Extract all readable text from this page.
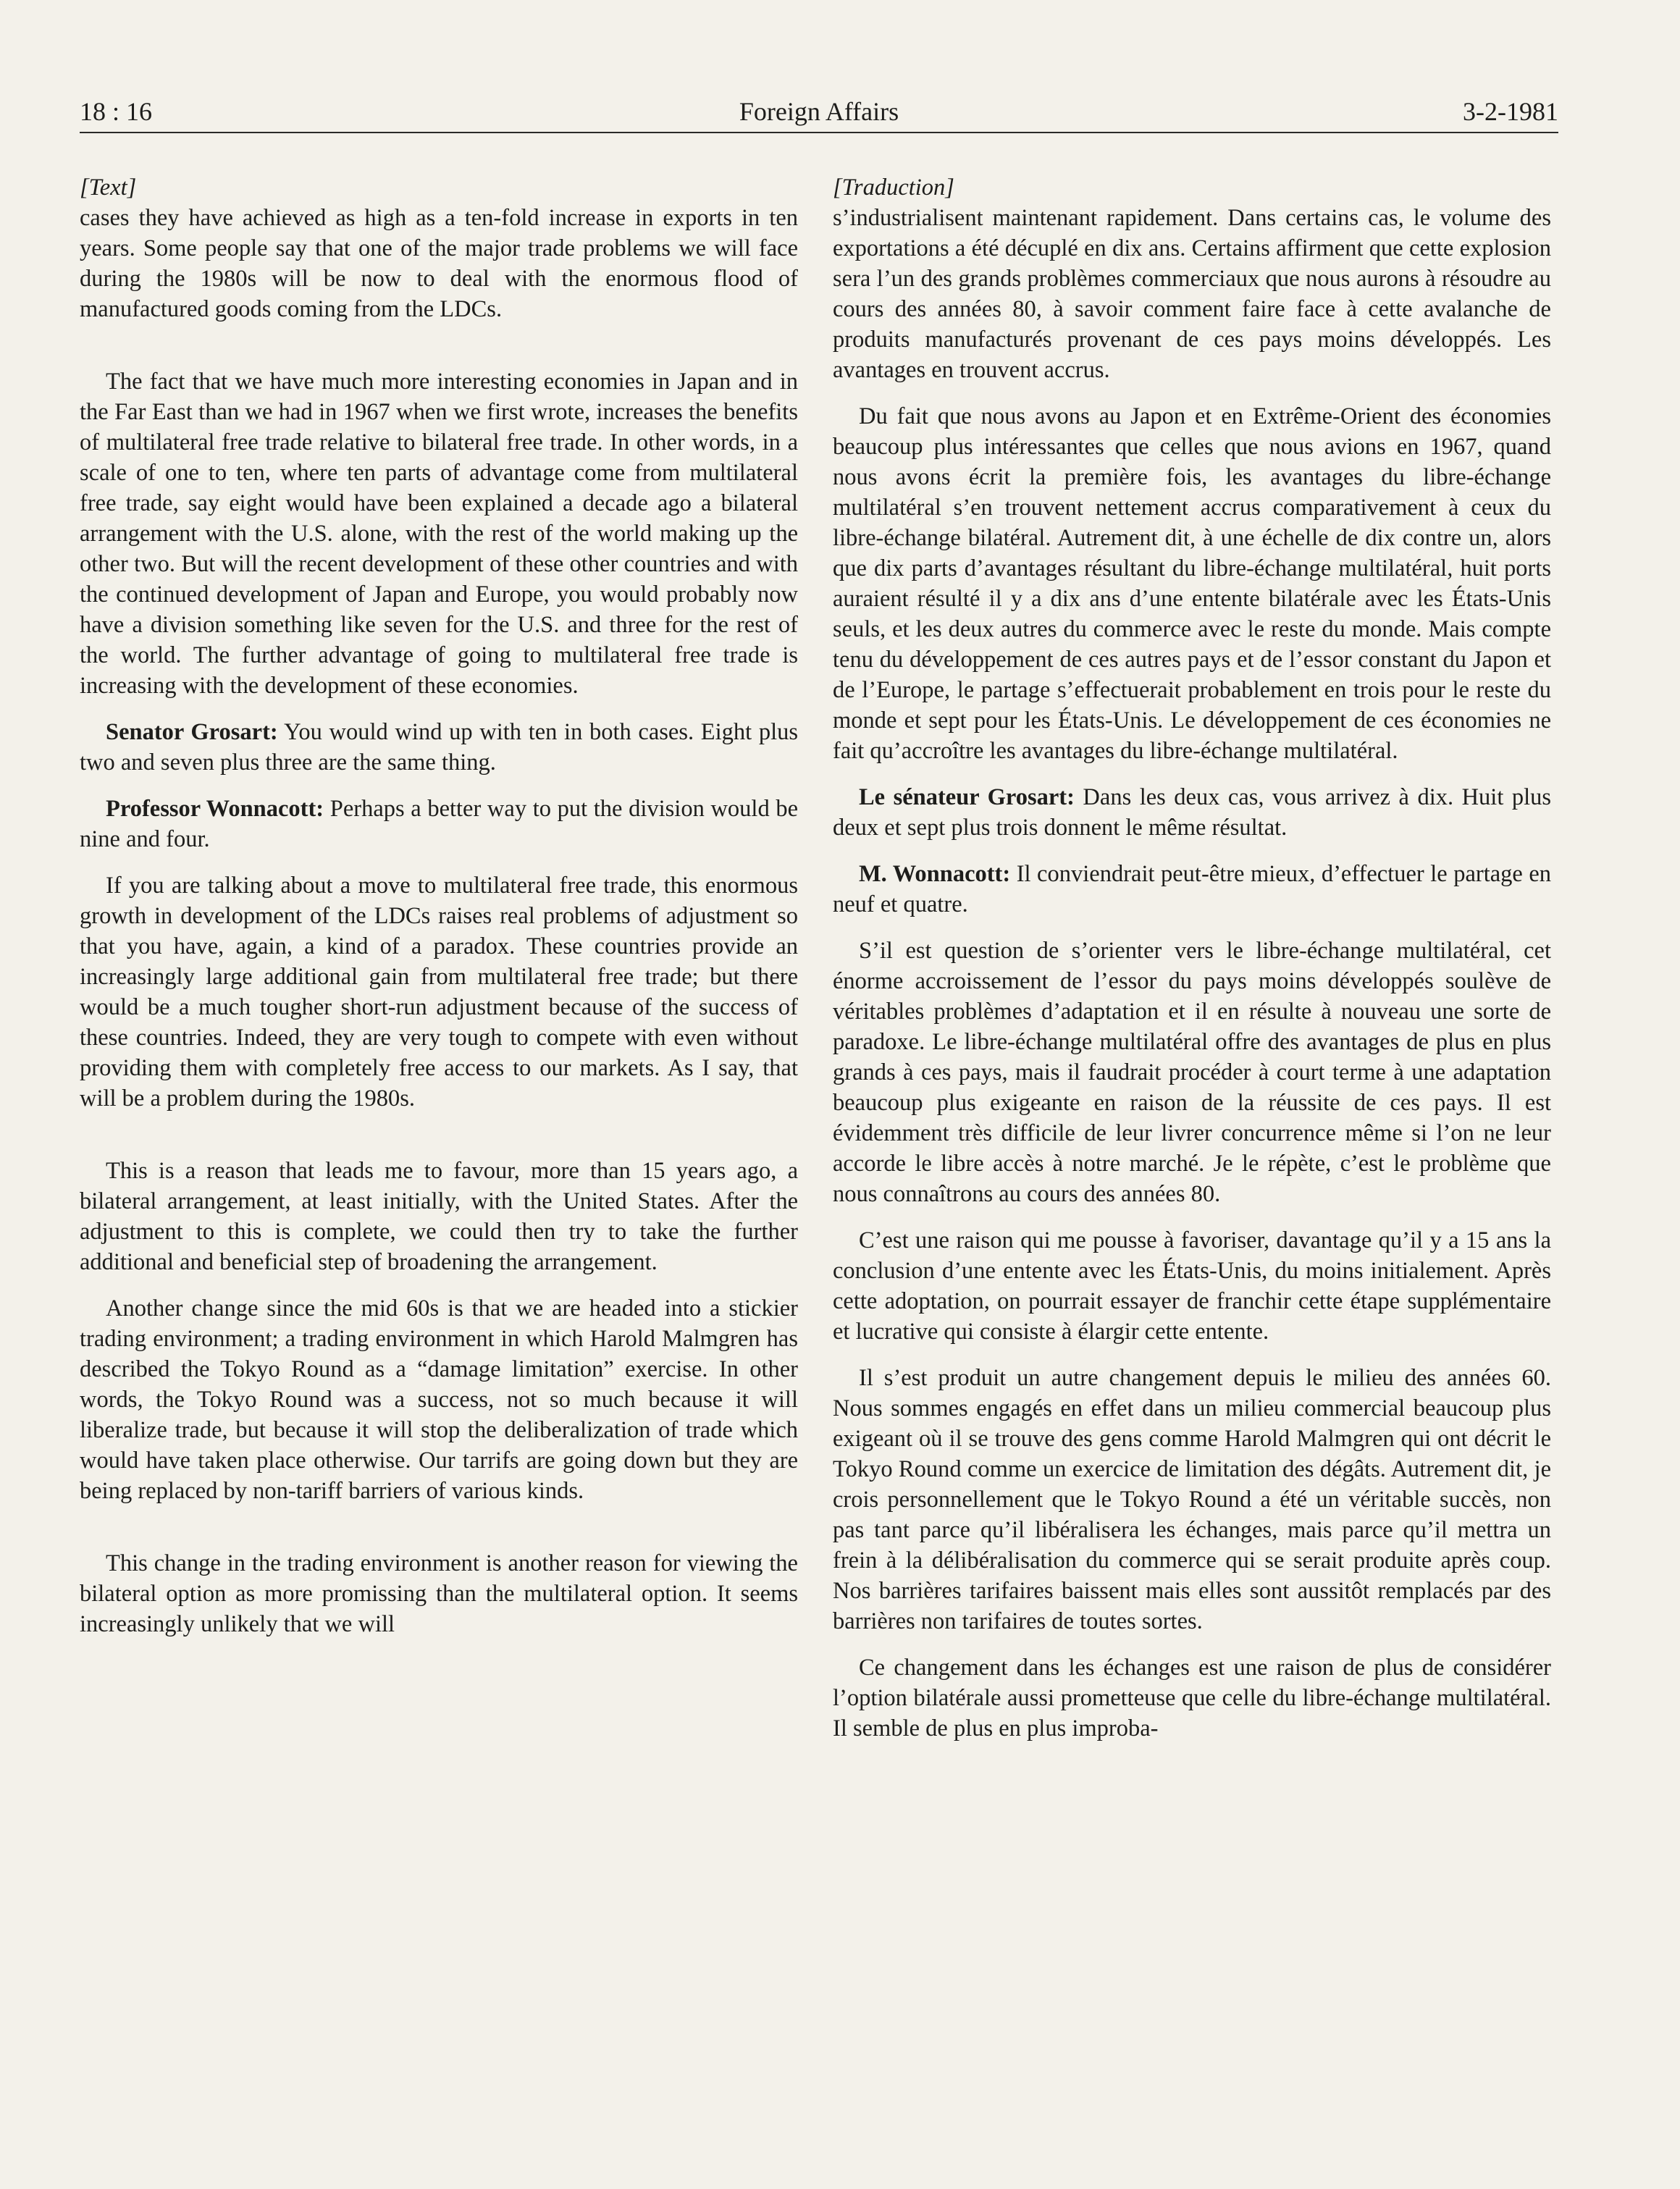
Foreign Affairs
18 : 16	3-2-1981
[Text]

cases they have achieved as high as a ten-fold increase in exports in ten years. Some people say that one of the major trade problems we will face during the 1980s will be now to deal with the enormous flood of manufactured goods coming from the LDCs.

The fact that we have much more interesting economies in Japan and in the Far East than we had in 1967 when we first wrote, increases the benefits of multilateral free trade relative to bilateral free trade. In other words, in a scale of one to ten, where ten parts of advantage come from multilateral free trade, say eight would have been explained a decade ago a bilateral arrangement with the U.S. alone, with the rest of the world making up the other two. But will the recent development of these other countries and with the continued development of Japan and Europe, you would probably now have a division something like seven for the U.S. and three for the rest of the world. The further advantage of going to multilateral free trade is increasing with the development of these economies.

Senator Grosart: You would wind up with ten in both cases. Eight plus two and seven plus three are the same thing.

Professor Wonnacott: Perhaps a better way to put the division would be nine and four.

If you are talking about a move to multilateral free trade, this enormous growth in development of the LDCs raises real problems of adjustment so that you have, again, a kind of a paradox. These countries provide an increasingly large additional gain from multilateral free trade; but there would be a much tougher short-run adjustment because of the success of these countries. Indeed, they are very tough to compete with even without providing them with completely free access to our markets. As I say, that will be a problem during the 1980s.

This is a reason that leads me to favour, more than 15 years ago, a bilateral arrangement, at least initially, with the United States. After the adjustment to this is complete, we could then try to take the further additional and beneficial step of broadening the arrangement.

Another change since the mid 60s is that we are headed into a stickier trading environment; a trading environment in which Harold Malmgren has described the Tokyo Round as a “damage limitation” exercise. In other words, the Tokyo Round was a success, not so much because it will liberalize trade, but because it will stop the deliberalization of trade which would have taken place otherwise. Our tarrifs are going down but they are being replaced by non-tariff barriers of various kinds.

This change in the trading environment is another reason for viewing the bilateral option as more promissing than the multilateral option. It seems increasingly unlikely that we will

[Traduction]

s’industrialisent maintenant rapidement. Dans certains cas, le volume des exportations a été décuplé en dix ans. Certains affirment que cette explosion sera l’un des grands problèmes commerciaux que nous aurons à résoudre au cours des années 80, à savoir comment faire face à cette avalanche de produits manufacturés provenant de ces pays moins développés. Les avantages en trouvent accrus.

Du fait que nous avons au Japon et en Extrême-Orient des économies beaucoup plus intéressantes que celles que nous avions en 1967, quand nous avons écrit la première fois, les avantages du libre-échange multilatéral s’en trouvent nettement accrus comparativement à ceux du libre-échange bilatéral. Autrement dit, à une échelle de dix contre un, alors que dix parts d’avantages résultant du libre-échange multilatéral, huit ports auraient résulté il y a dix ans d’une entente bilatérale avec les États-Unis seuls, et les deux autres du commerce avec le reste du monde. Mais compte tenu du développement de ces autres pays et de l’essor constant du Japon et de l’Europe, le partage s’effectuerait probablement en trois pour le reste du monde et sept pour les États-Unis. Le développement de ces économies ne fait qu’accroître les avantages du libre-échange multilatéral.

Le sénateur Grosart: Dans les deux cas, vous arrivez à dix. Huit plus deux et sept plus trois donnent le même résultat.

M. Wonnacott: Il conviendrait peut-être mieux, d’effectuer le partage en neuf et quatre.

S’il est question de s’orienter vers le libre-échange multilatéral, cet énorme accroissement de l’essor du pays moins développés soulève de véritables problèmes d’adaptation et il en résulte à nouveau une sorte de paradoxe. Le libre-échange multilatéral offre des avantages de plus en plus grands à ces pays, mais il faudrait procéder à court terme à une adaptation beaucoup plus exigeante en raison de la réussite de ces pays. Il est évidemment très difficile de leur livrer concurrence même si l’on ne leur accorde le libre accès à notre marché. Je le répète, c’est le problème que nous connaîtrons au cours des années 80.

C’est une raison qui me pousse à favoriser, davantage qu’il y a 15 ans la conclusion d’une entente avec les États-Unis, du moins initialement. Après cette adoptation, on pourrait essayer de franchir cette étape supplémentaire et lucrative qui consiste à élargir cette entente.

Il s’est produit un autre changement depuis le milieu des années 60. Nous sommes engagés en effet dans un milieu commercial beaucoup plus exigeant où il se trouve des gens comme Harold Malmgren qui ont décrit le Tokyo Round comme un exercice de limitation des dégâts. Autrement dit, je crois personnellement que le Tokyo Round a été un véritable succès, non pas tant parce qu’il libéralisera les échanges, mais parce qu’il mettra un frein à la délibéralisation du commerce qui se serait produite après coup. Nos barrières tarifaires baissent mais elles sont aussitôt remplacés par des barrières non tarifaires de toutes sortes.

Ce changement dans les échanges est une raison de plus de considérer l’option bilatérale aussi prometteuse que celle du libre-échange multilatéral. Il semble de plus en plus improba-
